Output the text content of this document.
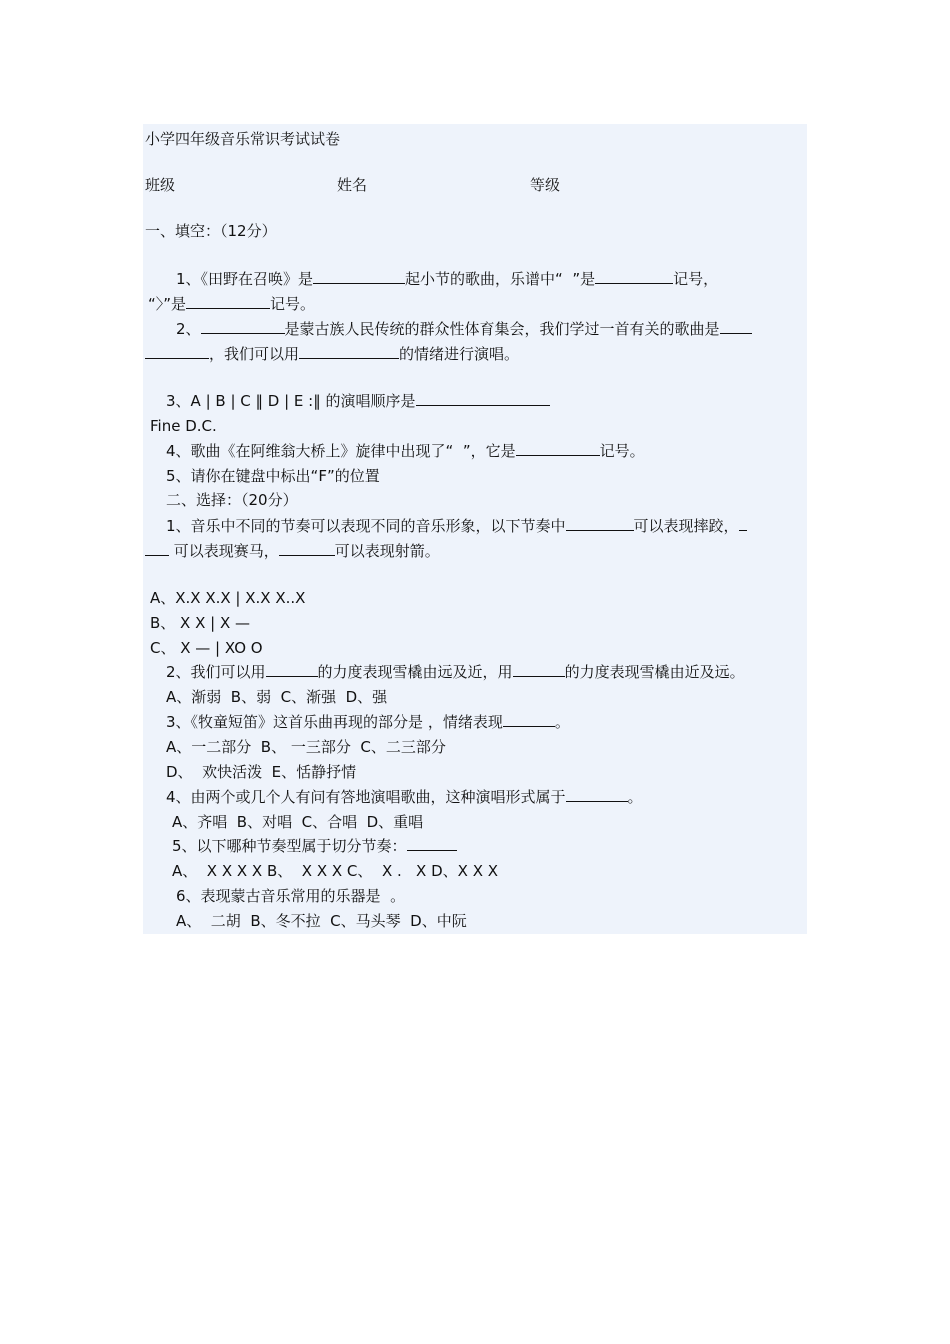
小学四年级音乐常识考试试卷
班级	姓名	等级
一、填空：（12分）
1、《田野在召唤》是	起小节的歌曲，乐谱中“  ”是	记号，
“〉”是	记号。
2、	是蒙古族人民传统的群众性体育集会，我们学过一首有关的歌曲是
，我们可以用	的情绪进行演唱。
3、A | B | C ‖ D | E :‖ 的演唱顺序是
Fine D.C.
4、歌曲《在阿维翁大桥上》旋律中出现了“  ”，它是	记号。
5、请你在键盘中标出“F”的位置
二、选择：（20分）
1、音乐中不同的节奏可以表现不同的音乐形象，以下节奏中	可以表现摔跤，
可以表现赛马，	可以表现射箭。
A、X.X X.X | X.X X..X
B、 X X | X —
C、 X — | XO O
2、我们可以用	的力度表现雪橇由远及近，用	的力度表现雪橇由近及远。
A、渐弱  B、弱  C、渐强  D、强
3、《牧童短笛》这首乐曲再现的部分是 ，情绪表现	。
A、一二部分  B、 一三部分  C、二三部分
D、  欢快活泼  E、恬静抒情
4、由两个或几个人有问有答地演唱歌曲，这种演唱形式属于	。
A、齐唱  B、对唱  C、合唱  D、重唱
5、以下哪种节奏型属于切分节奏：
A、  X X X X B、  X X X C、  X .   X D、X X X
6、表现蒙古音乐常用的乐器是  。
A、  二胡  B、冬不拉  C、马头琴  D、中阮
